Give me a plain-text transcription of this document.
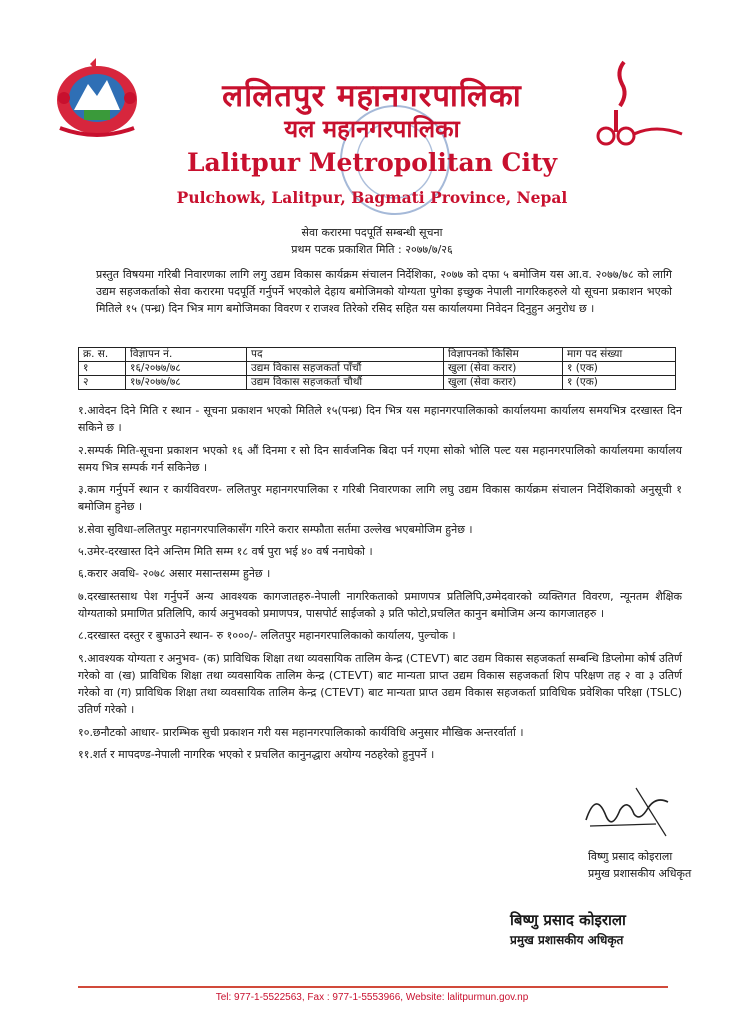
ललितपुर महानगरपालिका
यल महानगरपालिका
Lalitpur Metropolitan City
Pulchowk, Lalitpur, Bagmati Province, Nepal
सेवा करारमा पदपूर्ति सम्बन्धी सूचना
प्रथम पटक प्रकाशित मिति : २०७७/७/२६
प्रस्तुत विषयमा गरिबी निवारणका लागि लगु उद्यम विकास कार्यक्रम संचालन निर्देशिका, २०७७ को दफा ५ बमोजिम यस आ.व. २०७७/७८ को लागि उद्यम सहजकर्ताको सेवा करारमा पदपूर्ति गर्नुपर्ने भएकोले देहाय बमोजिमको योग्यता पुगेका इच्छुक नेपाली नागरिकहरुले यो सूचना प्रकाशन भएको मितिले १५ (पन्ध्र) दिन भित्र माग बमोजिमका विवरण र राजश्व तिरेको रसिद सहित यस कार्यालयमा निवेदन दिनुहुन अनुरोध छ ।
क्र. स.	विज्ञापन नं.	पद	विज्ञापनको किसिम	माग पद संख्या
१	१६/२०७७/७८	उद्यम विकास सहजकर्ता पाँचौं	खुला (सेवा करार)	१ (एक)
२	१७/२०७७/७८	उद्यम विकास सहजकर्ता चौथौं	खुला (सेवा करार)	१ (एक)
१.आवेदन दिने मिति र स्थान - सूचना प्रकाशन भएको मितिले १५(पन्ध्र) दिन भित्र यस महानगरपालिकाको कार्यालयमा कार्यालय समयभित्र दरखास्त दिन सकिने छ ।
२.सम्पर्क मिति-सूचना प्रकाशन भएको १६ औं दिनमा र सो दिन सार्वजनिक बिदा पर्न गएमा सोको भोलि पल्ट यस महानगरपालिको कार्यालयमा कार्यालय समय भित्र सम्पर्क गर्न सकिनेछ ।
३.काम गर्नुपर्ने स्थान र कार्यविवरण- ललितपुर महानगरपालिका र गरिबी निवारणका लागि लघु उद्यम विकास कार्यक्रम संचालन निर्देशिकाको अनुसूची १ बमोजिम हुनेछ ।
४.सेवा सुविधा-ललितपुर महानगरपालिकासँग गरिने करार सम्फौता सर्तमा उल्लेख भएबमोजिम हुनेछ ।
५.उमेर-दरखास्त दिने अन्तिम मिति सम्म १८ वर्ष पुरा भई ४० वर्ष ननाघेको ।
६.करार अवधि- २०७८ असार मसान्तसम्म हुनेछ ।
७.दरखास्तसाथ पेश गर्नुपर्ने अन्य आवश्यक कागजातहरु-नेपाली नागरिकताको प्रमाणपत्र प्रतिलिपि,उम्मेदवारको व्यक्तिगत विवरण, न्यूनतम शैक्षिक योग्यताको प्रमाणित प्रतिलिपि, कार्य अनुभवको प्रमाणपत्र, पासपोर्ट साईजको ३ प्रति फोटो,प्रचलित कानुन बमोजिम अन्य कागजातहरु ।
८.दरखास्त दस्तुर र बुफाउने स्थान- रु १०००/- ललितपुर महानगरपालिकाको कार्यालय, पुल्चोक ।
९.आवश्यक योग्यता र अनुभव- (क) प्राविधिक शिक्षा तथा व्यवसायिक तालिम केन्द्र (CTEVT) बाट उद्यम विकास सहजकर्ता सम्बन्धि डिप्लोमा कोर्ष उतिर्ण गरेको वा (ख) प्राविधिक शिक्षा तथा व्यवसायिक तालिम केन्द्र (CTEVT) बाट मान्यता प्राप्त उद्यम विकास सहजकर्ता शिप परिक्षण तह २ वा ३ उतिर्ण गरेको वा (ग) प्राविधिक शिक्षा तथा व्यवसायिक तालिम केन्द्र (CTEVT) बाट मान्यता प्राप्त उद्यम विकास सहजकर्ता प्राविधिक प्रवेशिका परिक्षा (TSLC) उतिर्ण गरेको ।
१०.छनौटको आधार- प्रारम्भिक सुची प्रकाशन गरी यस महानगरपालिकाको कार्यविधि अनुसार मौखिक अन्तरर्वार्ता ।
११.शर्त र मापदण्ड-नेपाली नागरिक भएको र प्रचलित कानुनद्धारा अयोग्य नठहरेको हुनुपर्ने ।
विष्णु प्रसाद कोइराला
प्रमुख प्रशासकीय अधिकृत
बिष्णु प्रसाद कोइराला
प्रमुख प्रशासकीय अधिकृत
Tel: 977-1-5522563, Fax : 977-1-5553966, Website: lalitpurmun.gov.np
